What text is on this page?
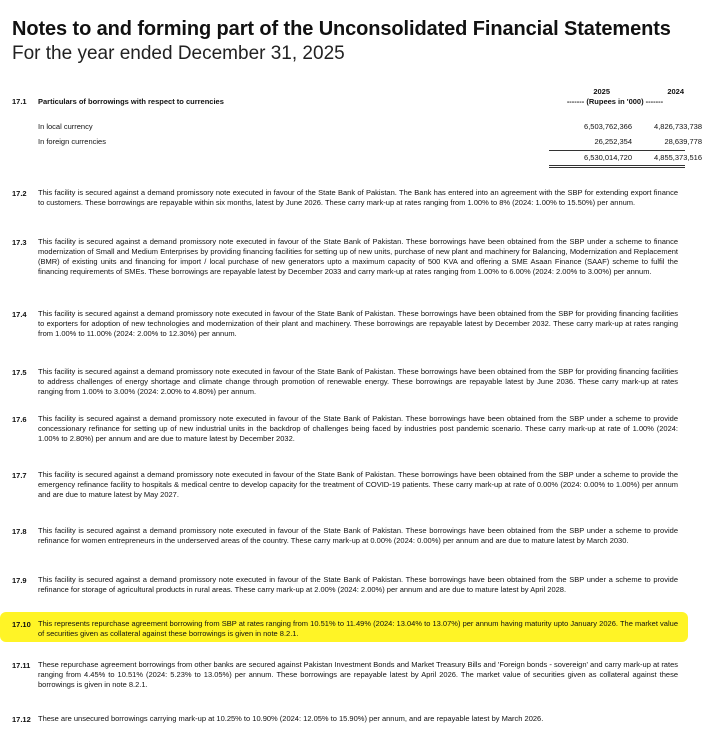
Notes to and forming part of the Unconsolidated Financial Statements
For the year ended December 31, 2025
2025	2024
------- (Rupees in '000) -------
17.1 Particulars of borrowings with respect to currencies
In local currency	6,503,762,366	4,826,733,738
In foreign currencies	26,252,354	28,639,778
6,530,014,720	4,855,373,516
17.2 This facility is secured against a demand promissory note executed in favour of the State Bank of Pakistan. The Bank has entered into an agreement with the SBP for extending export finance to customers. These borrowings are repayable within six months, latest by June 2026. These carry mark-up at rates ranging from 1.00% to 8% (2024: 1.00% to 15.50%) per annum.
17.3 This facility is secured against a demand promissory note executed in favour of the State Bank of Pakistan. These borrowings have been obtained from the SBP under a scheme to finance modernization of Small and Medium Enterprises by providing financing facilities for setting up of new units, purchase of new plant and machinery for Balancing, Modernization and Replacement (BMR) of existing units and financing for import / local purchase of new generators upto a maximum capacity of 500 KVA and offering a SME Asaan Finance (SAAF) scheme to fulfil the financing requirements of SMEs. These borrowings are repayable latest by December 2033 and carry mark-up at rates ranging from 1.00% to 6.00% (2024: 2.00% to 3.00%) per annum.
17.4 This facility is secured against a demand promissory note executed in favour of the State Bank of Pakistan. These borrowings have been obtained from the SBP for providing financing facilities to exporters for adoption of new technologies and modernization of their plant and machinery. These borrowings are repayable latest by December 2032. These carry mark-up at rates ranging from 1.00% to 11.00% (2024: 2.00% to 12.30%) per annum.
17.5 This facility is secured against a demand promissory note executed in favour of the State Bank of Pakistan. These borrowings have been obtained from the SBP for providing financing facilities to address challenges of energy shortage and climate change through promotion of renewable energy. These borrowings are repayable latest by June 2036. These carry mark-up at rates ranging from 1.00% to 3.00% (2024: 2.00% to 4.80%) per annum.
17.6 This facility is secured against a demand promissory note executed in favour of the State Bank of Pakistan. These borrowings have been obtained from the SBP under a scheme to provide concessionary refinance for setting up of new industrial units in the backdrop of challenges being faced by industries post pandemic scenario. These carry mark-up at rate of 1.00% (2024: 1.00% to 2.80%) per annum and are due to mature latest by December 2032.
17.7 This facility is secured against a demand promissory note executed in favour of the State Bank of Pakistan. These borrowings have been obtained from the SBP under a scheme to provide the emergency refinance facility to hospitals & medical centre to develop capacity for the treatment of COVID-19 patients. These carry mark-up at rate of 0.00% (2024: 0.00% to 1.00%) per annum and are due to mature latest by May 2027.
17.8 This facility is secured against a demand promissory note executed in favour of the State Bank of Pakistan. These borrowings have been obtained from the SBP under a scheme to provide refinance for women entrepreneurs in the underserved areas of the country. These carry mark-up at 0.00% (2024: 0.00%) per annum and are due to mature latest by March 2030.
17.9 This facility is secured against a demand promissory note executed in favour of the State Bank of Pakistan. These borrowings have been obtained from the SBP under a scheme to provide refinance for storage of agricultural products in rural areas. These carry mark-up at 2.00% (2024: 2.00%) per annum and are due to mature latest by April 2028.
17.10 This represents repurchase agreement borrowing from SBP at rates ranging from 10.51% to 11.49% (2024: 13.04% to 13.07%) per annum having maturity upto January 2026. The market value of securities given as collateral against these borrowings is given in note 8.2.1.
17.11 These repurchase agreement borrowings from other banks are secured against Pakistan Investment Bonds and Market Treasury Bills and 'Foreign bonds - sovereign' and carry mark-up at rates ranging from 4.45% to 10.51% (2024: 5.23% to 13.05%) per annum. These borrowings are repayable latest by April 2026. The market value of securities given as collateral against these borrowings is given in note 8.2.1.
17.12 These are unsecured borrowings carrying mark-up at 10.25% to 10.90% (2024: 12.05% to 15.90%) per annum, and are repayable latest by March 2026.
